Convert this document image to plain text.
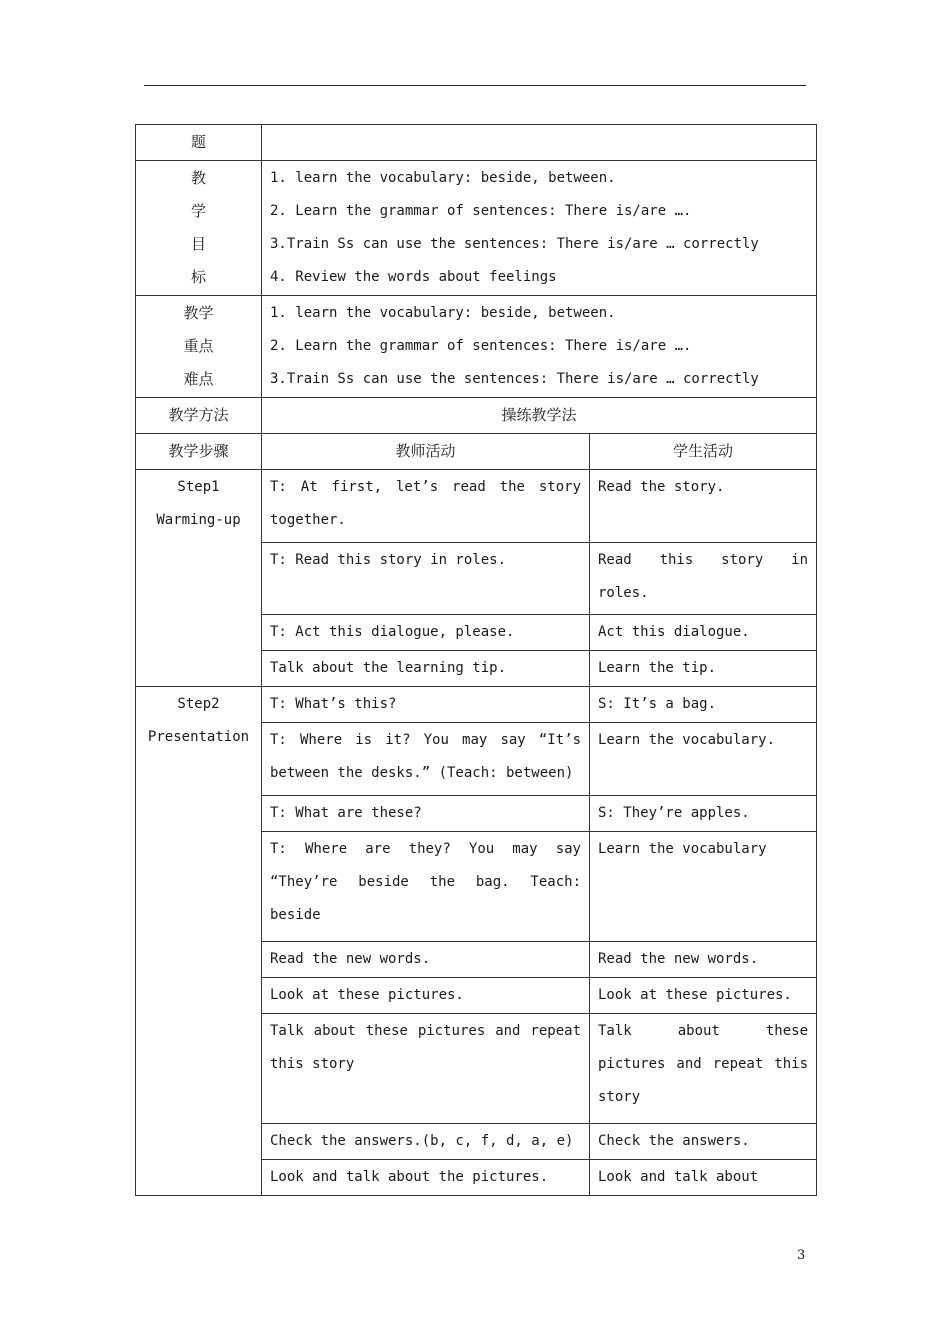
题		

教
学
目
标	1. learn the vocabulary: beside, between.
2. Learn the grammar of sentences: There is/are ….
3.Train Ss can use the sentences: There is/are … correctly
4. Review the words about feelings	

教学
重点
难点	1. learn the vocabulary: beside, between.
2. Learn the grammar of sentences: There is/are ….
3.Train Ss can use the sentences: There is/are … correctly	

教学方法	操练教学法	
教学步骤	教师活动	学生活动

Step1
Warming-up	T: At first, let’s read the story together.	Read the story.
	T: Read this story in roles.	Read this story in roles.
	T: Act this dialogue, please.	Act this dialogue.
	Talk about the learning tip.	Learn the tip.

Step2
Presentation	T: What’s this?	S: It’s a bag.
	T: Where is it? You may say “It’s between the desks.” (Teach: between)	Learn the vocabulary.
	T: What are these?	S: They’re apples.
	T: Where are they? You may say “They’re beside the bag. Teach: beside	Learn the vocabulary
	Read the new words.	Read the new words.
	Look at these pictures.	Look at these pictures.
	Talk about these pictures and repeat this story	Talk about these pictures and repeat this story
	Check the answers.(b, c, f, d, a, e)	Check the answers.
	Look and talk about the pictures.	Look and talk about
3
